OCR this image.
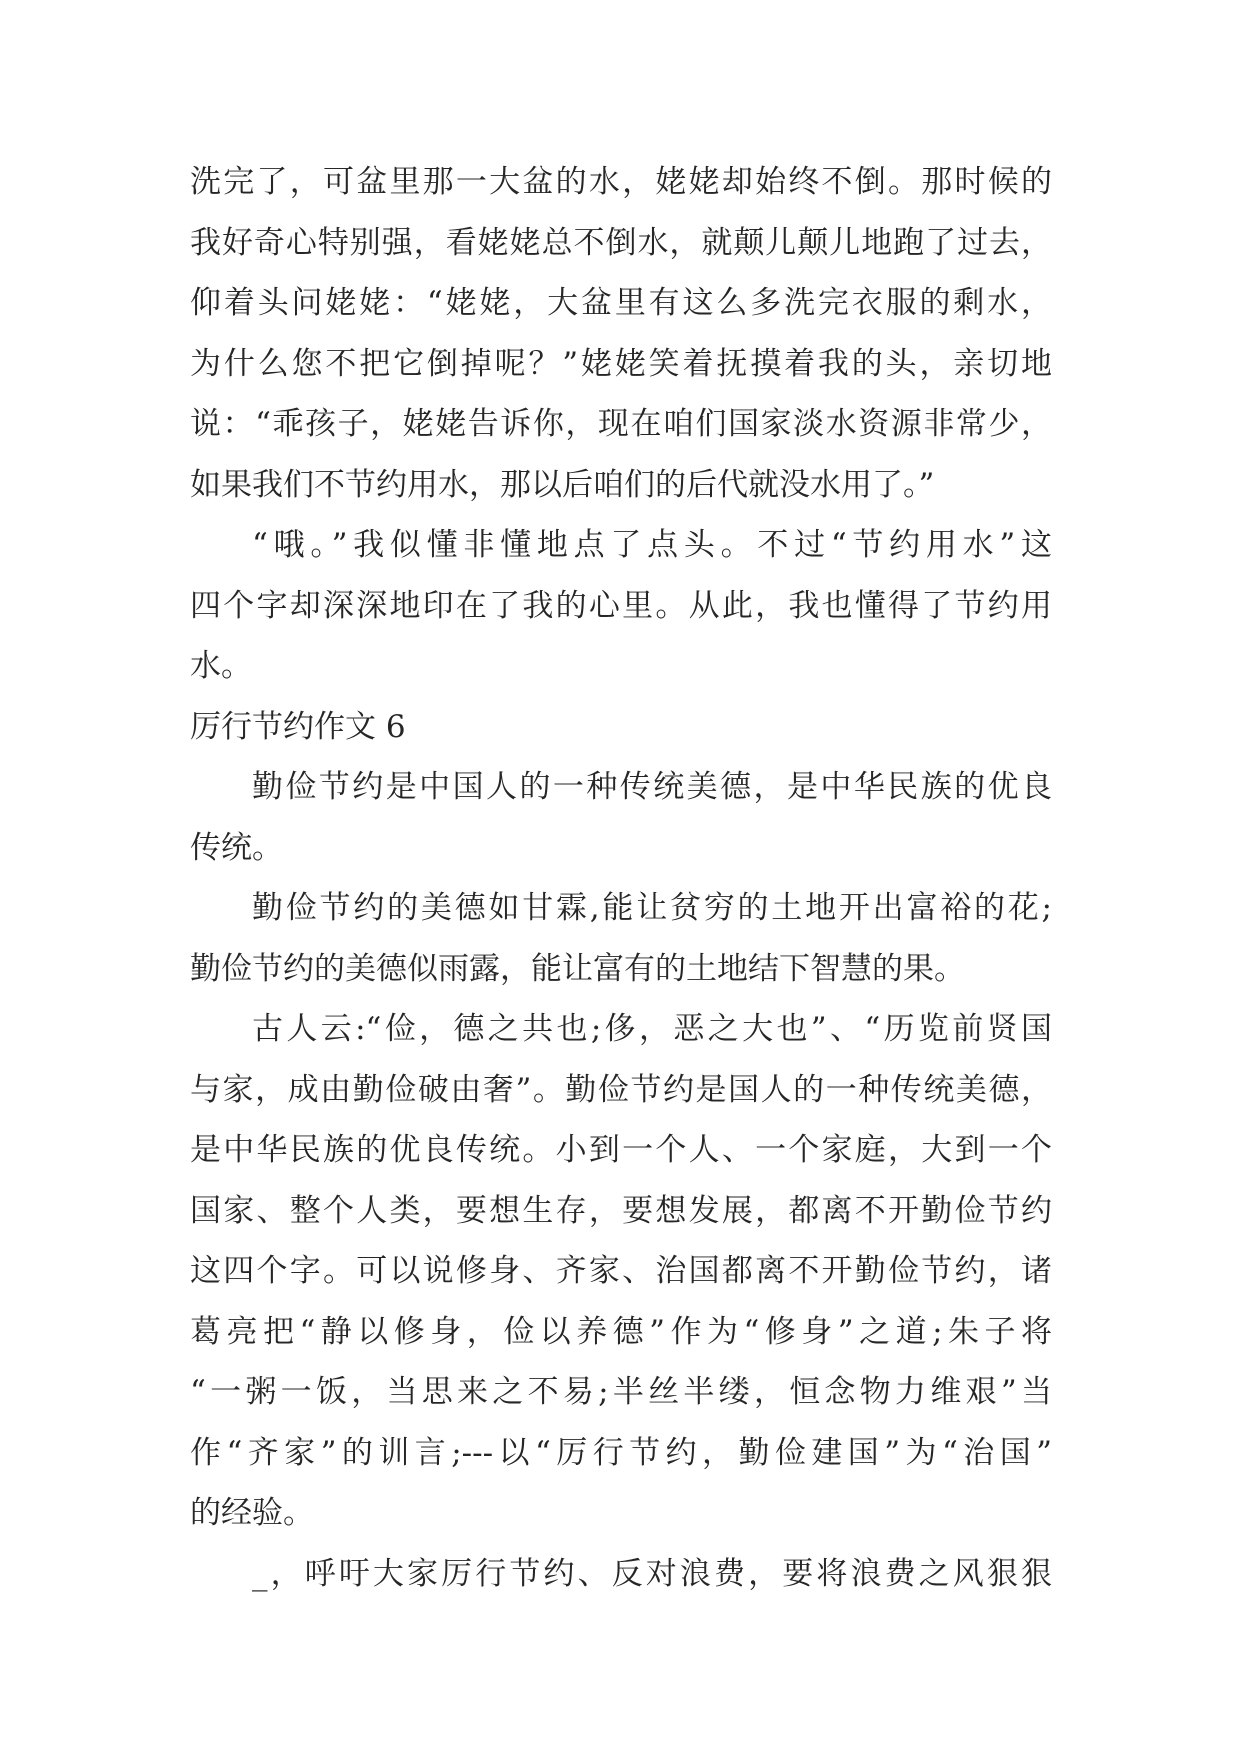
洗完了，可盆里那一大盆的水，姥姥却始终不倒。那时候的
我好奇心特别强，看姥姥总不倒水，就颠儿颠儿地跑了过去，
仰着头问姥姥：“姥姥，大盆里有这么多洗完衣服的剩水，
为什么您不把它倒掉呢？”姥姥笑着抚摸着我的头，亲切地
说：“乖孩子，姥姥告诉你，现在咱们国家淡水资源非常少，
如果我们不节约用水，那以后咱们的后代就没水用了。”
“哦。”我似懂非懂地点了点头。不过“节约用水”这
四个字却深深地印在了我的心里。从此，我也懂得了节约用
水。
厉行节约作文 6
勤俭节约是中国人的一种传统美德，是中华民族的优良
传统。
勤俭节约的美德如甘霖,能让贫穷的土地开出富裕的花;
勤俭节约的美德似雨露，能让富有的土地结下智慧的果。
古人云:“俭，德之共也;侈，恶之大也”、“历览前贤国
与家，成由勤俭破由奢”。勤俭节约是国人的一种传统美德，
是中华民族的优良传统。小到一个人、一个家庭，大到一个
国家、整个人类，要想生存，要想发展，都离不开勤俭节约
这四个字。可以说修身、齐家、治国都离不开勤俭节约，诸
葛亮把“静以修身，俭以养德”作为“修身”之道;朱子将
“一粥一饭，当思来之不易;半丝半缕，恒念物力维艰”当
作“齐家”的训言;---以“厉行节约，勤俭建国”为“治国”
的经验。
_，呼吁大家厉行节约、反对浪费，要将浪费之风狠狠
